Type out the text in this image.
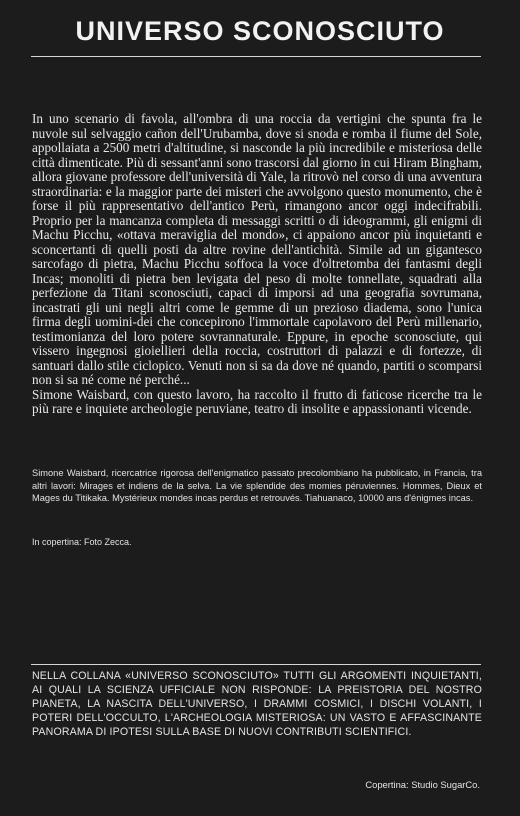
UNIVERSO SCONOSCIUTO

In uno scenario di favola, all'ombra di una roccia da vertigini che spunta fra le nuvole sul selvaggio cañon dell'Urubamba, dove si snoda e romba il fiume del Sole, appollaiata a 2500 metri d'altitudine, si nasconde la più incredibile e misteriosa delle città dimenticate. Più di sessant'anni sono trascorsi dal giorno in cui Hiram Bingham, allora giovane professore dell'università di Yale, la ritrovò nel corso di una avventura straordinaria: e la maggior parte dei misteri che avvolgono questo monumento, che è forse il più rappresentativo dell'antico Perù, rimangono ancor oggi indecifrabili. Proprio per la mancanza completa di messaggi scritti o di ideogrammi, gli enigmi di Machu Picchu, «ottava meraviglia del mondo», ci appaiono ancor più inquietanti e sconcertanti di quelli posti da altre rovine dell'antichità. Simile ad un gigantesco sarcofago di pietra, Machu Picchu soffoca la voce d'oltretomba dei fantasmi degli Incas; monoliti di pietra ben levigata del peso di molte tonnellate, squadrati alla perfezione da Titani sconosciuti, capaci di imporsi ad una geografia sovrumana, incastrati gli uni negli altri come le gemme di un prezioso diadema, sono l'unica firma degli uomini-dei che concepirono l'immortale capolavoro del Perù millenario, testimonianza del loro potere sovrannaturale. Eppure, in epoche sconosciute, qui vissero ingegnosi gioiellieri della roccia, costruttori di palazzi e di fortezze, di santuari dallo stile ciclopico. Venuti non si sa da dove né quando, partiti o scomparsi non si sa né come né perché...

Simone Waisbard, con questo lavoro, ha raccolto il frutto di faticose ricerche tra le più rare e inquiete archeologie peruviane, teatro di insolite e appassionanti vicende.

Simone Waisbard, ricercatrice rigorosa dell'enigmatico passato precolombiano ha pubblicato, in Francia, tra altri lavori: Mirages et indiens de la selva. La vie splendide des momies péruviennes. Hommes, Dieux et Mages du Titikaka. Mystérieux mondes incas perdus et retrouvés. Tiahuanaco, 10000 ans d'énigmes incas.

In copertina: Foto Zecca.

NELLA COLLANA «UNIVERSO SCONOSCIUTO» TUTTI GLI ARGOMENTI INQUIETANTI, AI QUALI LA SCIENZA UFFICIALE NON RISPONDE: LA PREISTORIA DEL NOSTRO PIANETA, LA NASCITA DELL'UNIVERSO, I DRAMMI COSMICI, I DISCHI VOLANTI, I POTERI DELL'OCCULTO, L'ARCHEOLOGIA MISTERIOSA: UN VASTO E AFFASCINANTE PANORAMA DI IPOTESI SULLA BASE DI NUOVI CONTRIBUTI SCIENTIFICI.

Copertina: Studio SugarCo.
